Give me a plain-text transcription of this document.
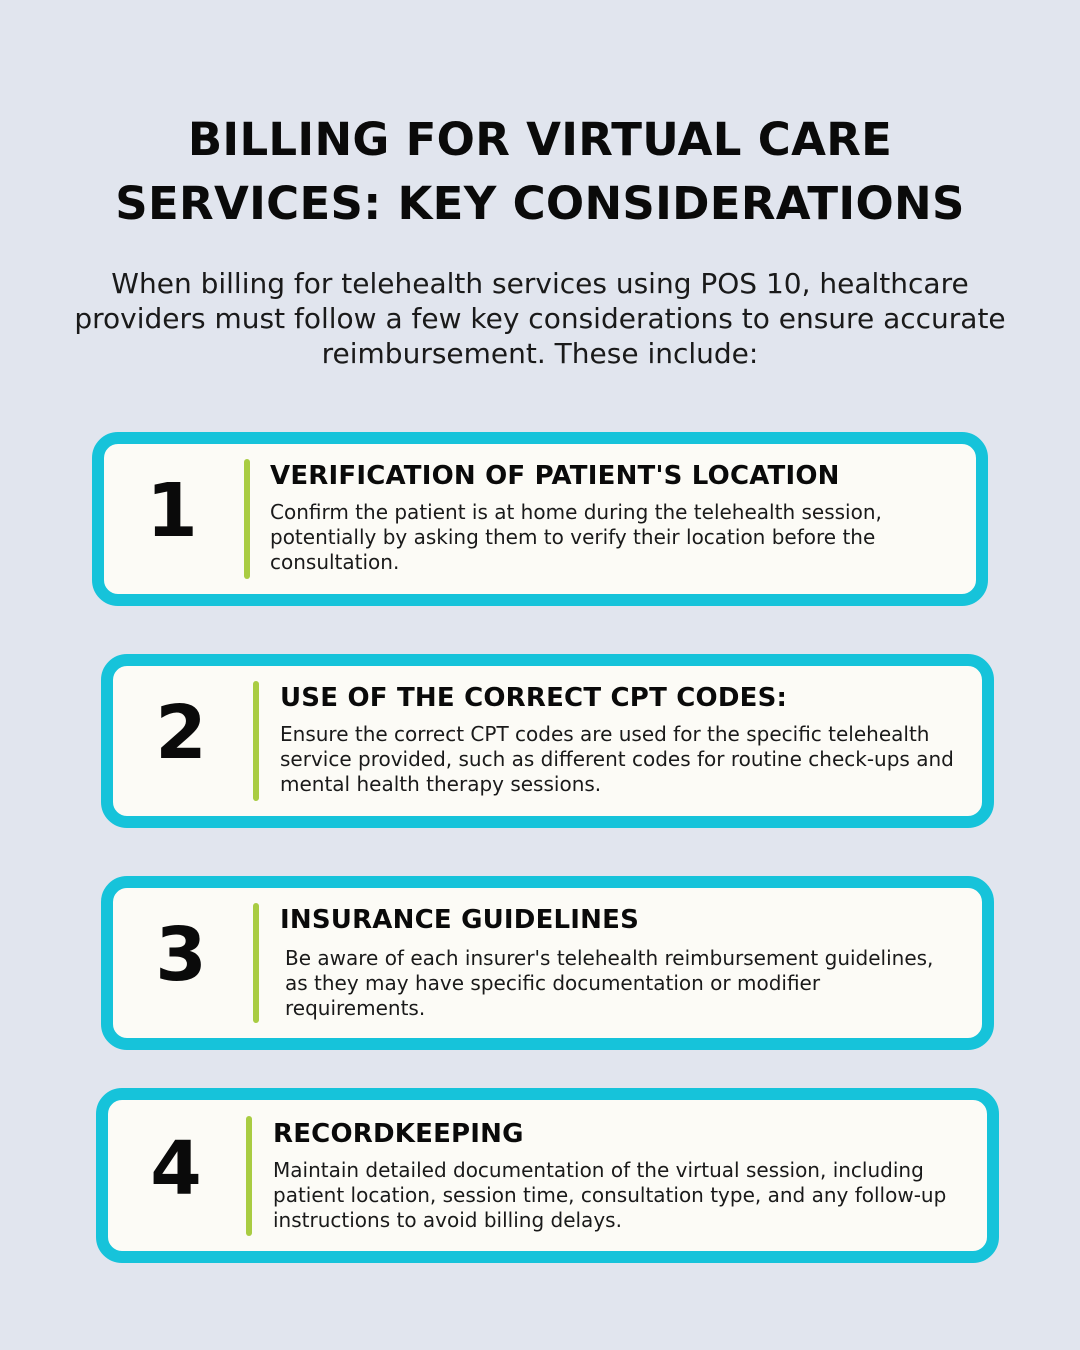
BILLING FOR VIRTUAL CARE
SERVICES: KEY CONSIDERATIONS

When billing for telehealth services using POS 10, healthcare providers must follow a few key considerations to ensure accurate reimbursement. These include:

1	VERIFICATION OF PATIENT'S LOCATION

Confirm the patient is at home during the telehealth session, potentially by asking them to verify their location before the consultation.

2	USE OF THE CORRECT CPT CODES:

Ensure the correct CPT codes are used for the specific telehealth service provided, such as different codes for routine check-ups and mental health therapy sessions.

3	INSURANCE GUIDELINES

Be aware of each insurer's telehealth reimbursement guidelines, as they may have specific documentation or modifier requirements.

4	RECORDKEEPING

Maintain detailed documentation of the virtual session, including patient location, session time, consultation type, and any follow-up instructions to avoid billing delays.
